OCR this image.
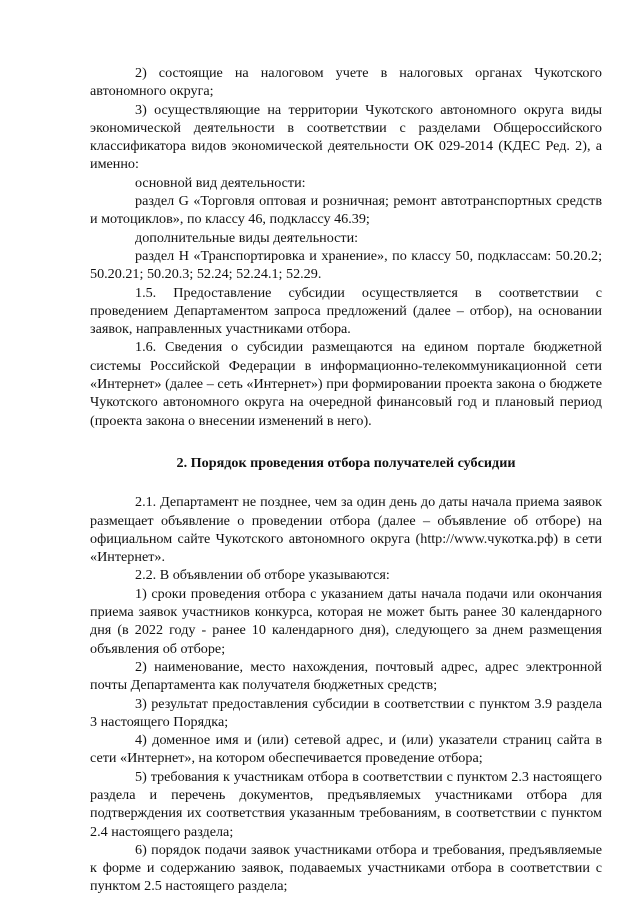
2) состоящие на налоговом учете в налоговых органах Чукотского автономного округа;

3) осуществляющие на территории Чукотского автономного округа виды экономической деятельности в соответствии с разделами Общероссийского классификатора видов экономической деятельности ОК 029-2014 (КДЕС Ред. 2), а именно:

основной вид деятельности:

раздел G «Торговля оптовая и розничная; ремонт автотранспортных средств и мотоциклов», по классу 46, подклассу 46.39;

дополнительные виды деятельности:

раздел H «Транспортировка и хранение», по классу 50, подклассам: 50.20.2; 50.20.21; 50.20.3; 52.24; 52.24.1; 52.29.

1.5. Предоставление субсидии осуществляется в соответствии с проведением Департаментом запроса предложений (далее – отбор), на основании заявок, направленных участниками отбора.

1.6. Сведения о субсидии размещаются на едином портале бюджетной системы Российской Федерации в информационно-телекоммуникационной сети «Интернет» (далее – сеть «Интернет») при формировании проекта закона о бюджете Чукотского автономного округа на очередной финансовый год и плановый период (проекта закона о внесении изменений в него).

2. Порядок проведения отбора получателей субсидии

2.1. Департамент не позднее, чем за один день до даты начала приема заявок размещает объявление о проведении отбора (далее – объявление об отборе) на официальном сайте Чукотского автономного округа (http://www.чукотка.рф) в сети «Интернет».

2.2. В объявлении об отборе указываются:

1) сроки проведения отбора с указанием даты начала подачи или окончания приема заявок участников конкурса, которая не может быть ранее 30 календарного дня (в 2022 году - ранее 10 календарного дня), следующего за днем размещения объявления об отборе;

2) наименование, место нахождения, почтовый адрес, адрес электронной почты Департамента как получателя бюджетных средств;

3) результат предоставления субсидии в соответствии с пунктом 3.9 раздела 3 настоящего Порядка;

4) доменное имя и (или) сетевой адрес, и (или) указатели страниц сайта в сети «Интернет», на котором обеспечивается проведение отбора;

5) требования к участникам отбора в соответствии с пунктом 2.3 настоящего раздела и перечень документов, предъявляемых участниками отбора для подтверждения их соответствия указанным требованиям, в соответствии с пунктом 2.4 настоящего раздела;

6) порядок подачи заявок участниками отбора и требования, предъявляемые к форме и содержанию заявок, подаваемых участниками отбора в соответствии с пунктом 2.5 настоящего раздела;
